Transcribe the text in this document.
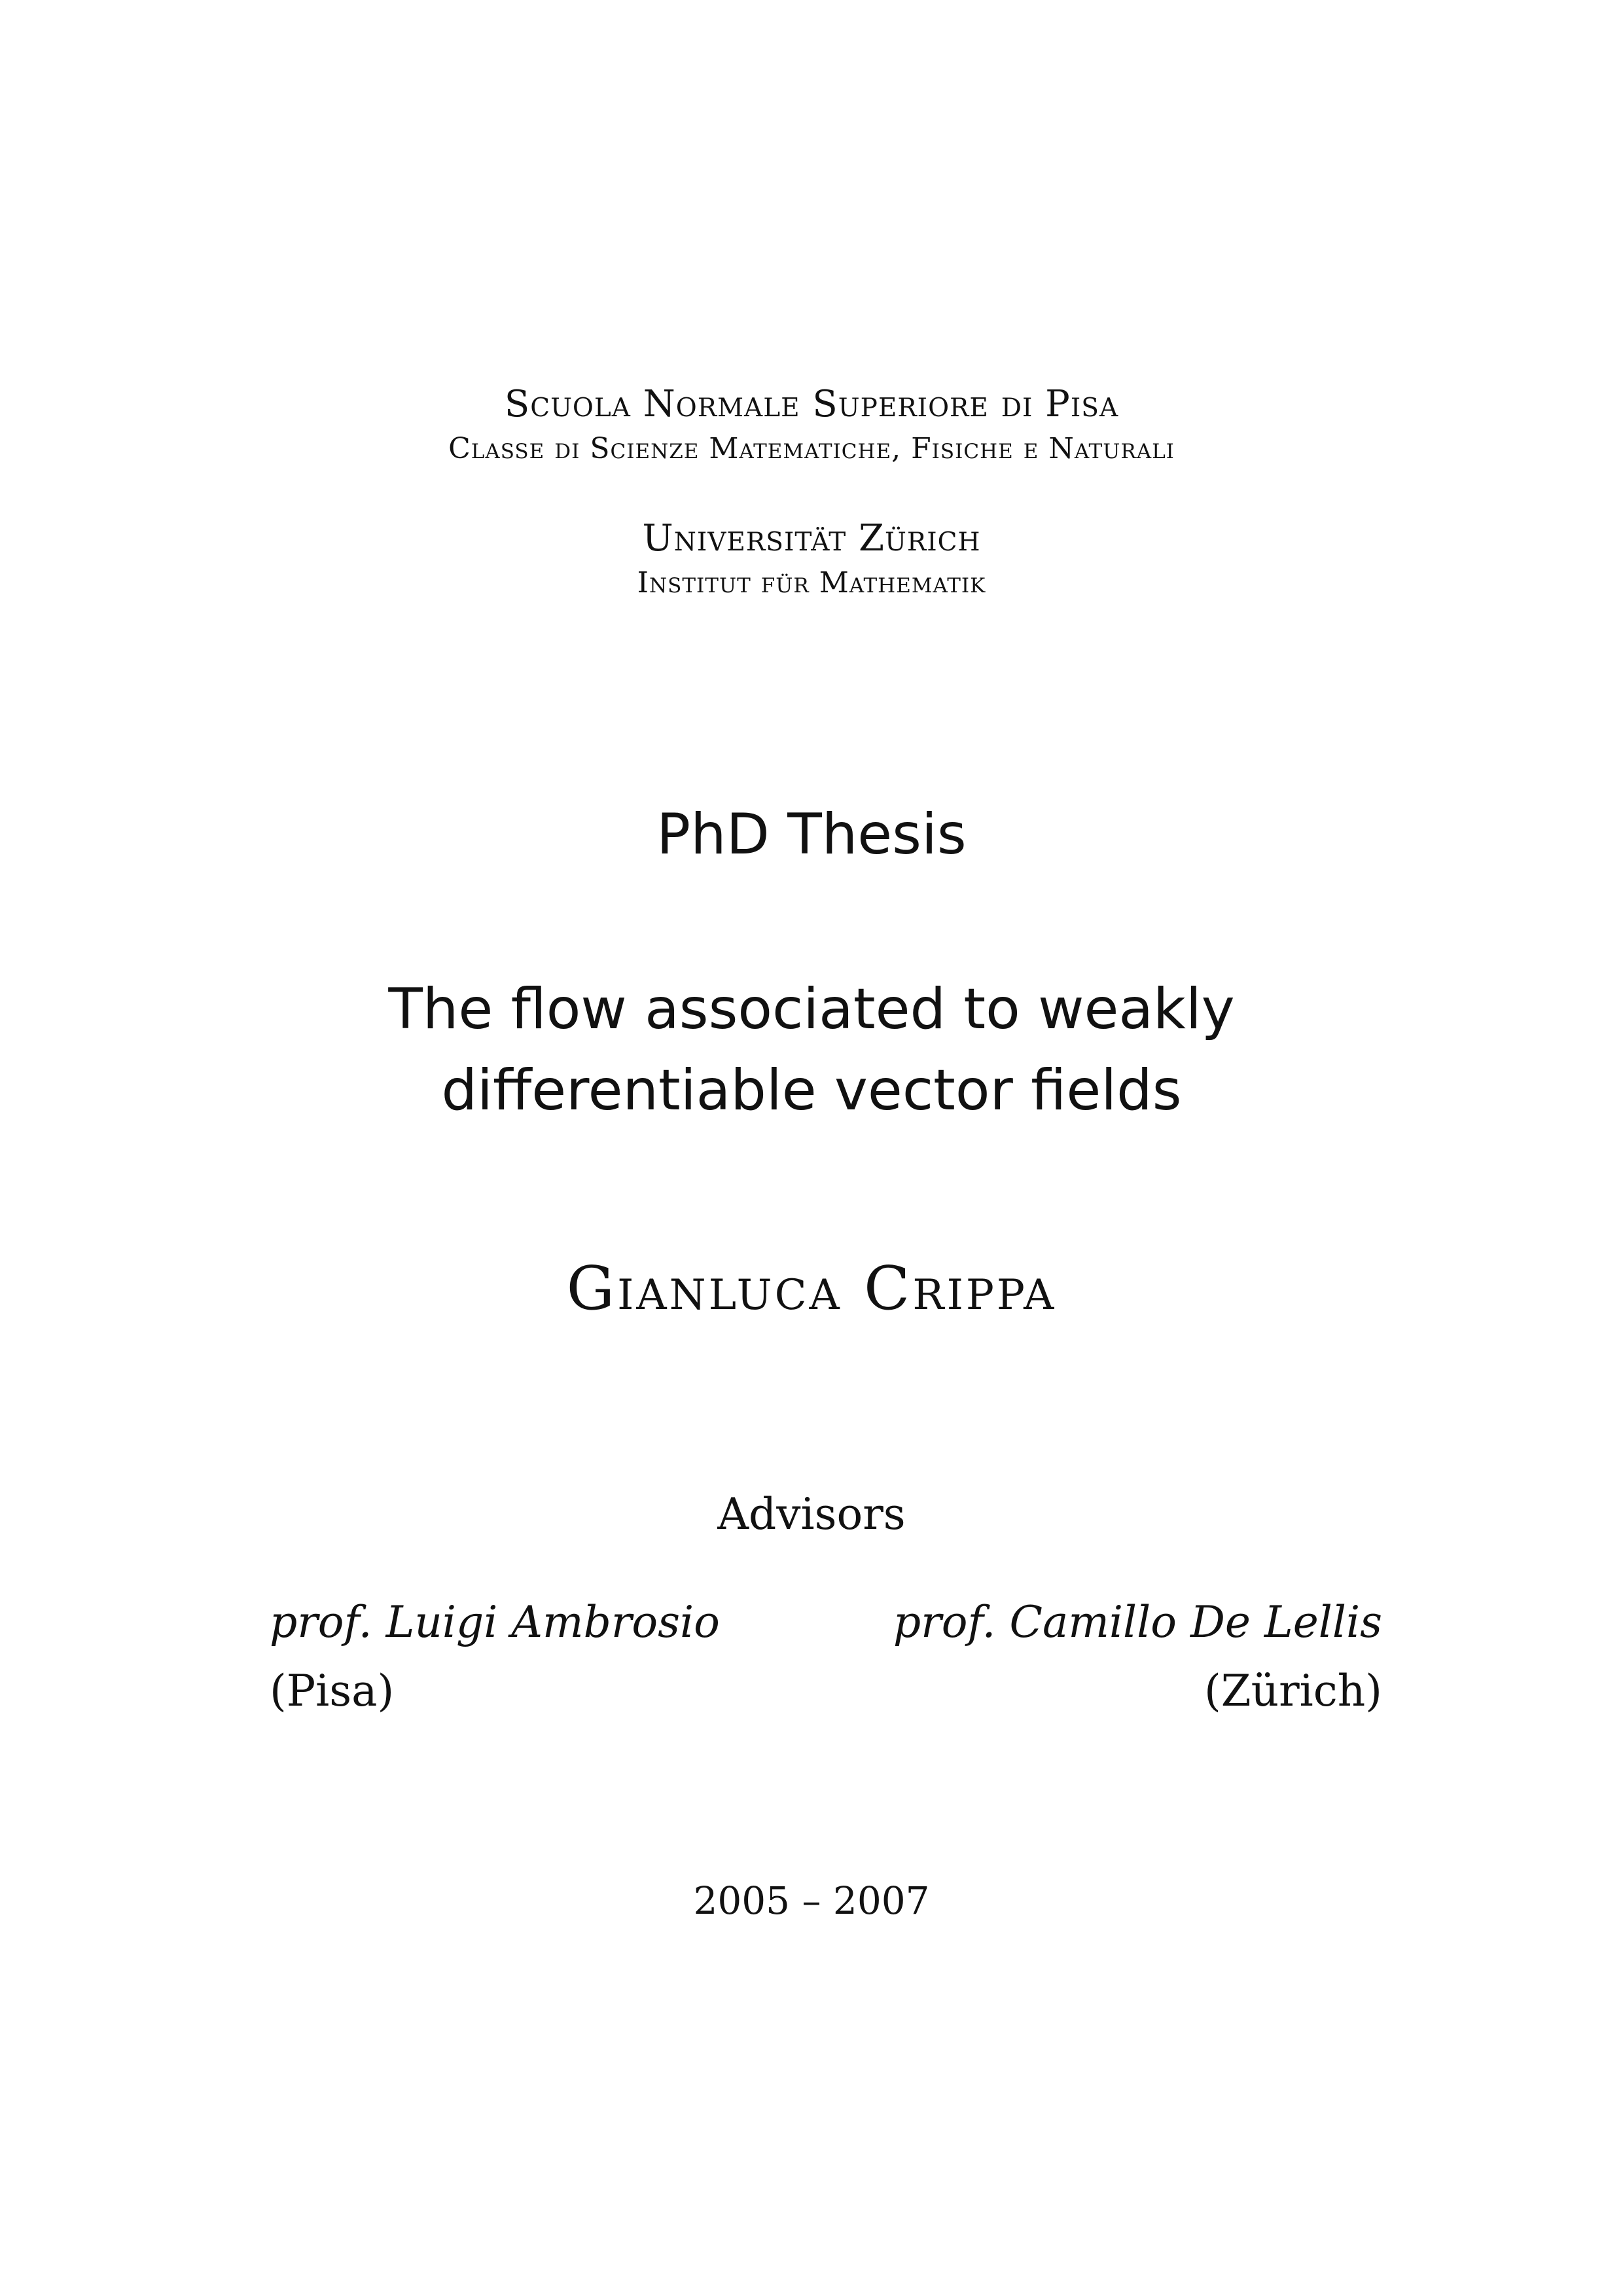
Scuola Normale Superiore di Pisa
Classe di Scienze Matematiche, Fisiche e Naturali
Universität Zürich
Institut für Mathematik
PhD Thesis
The flow associated to weakly
differentiable vector fields
Gianluca Crippa
Advisors
prof. Luigi Ambrosio
(Pisa)
prof. Camillo De Lellis
(Zürich)
2005 – 2007
